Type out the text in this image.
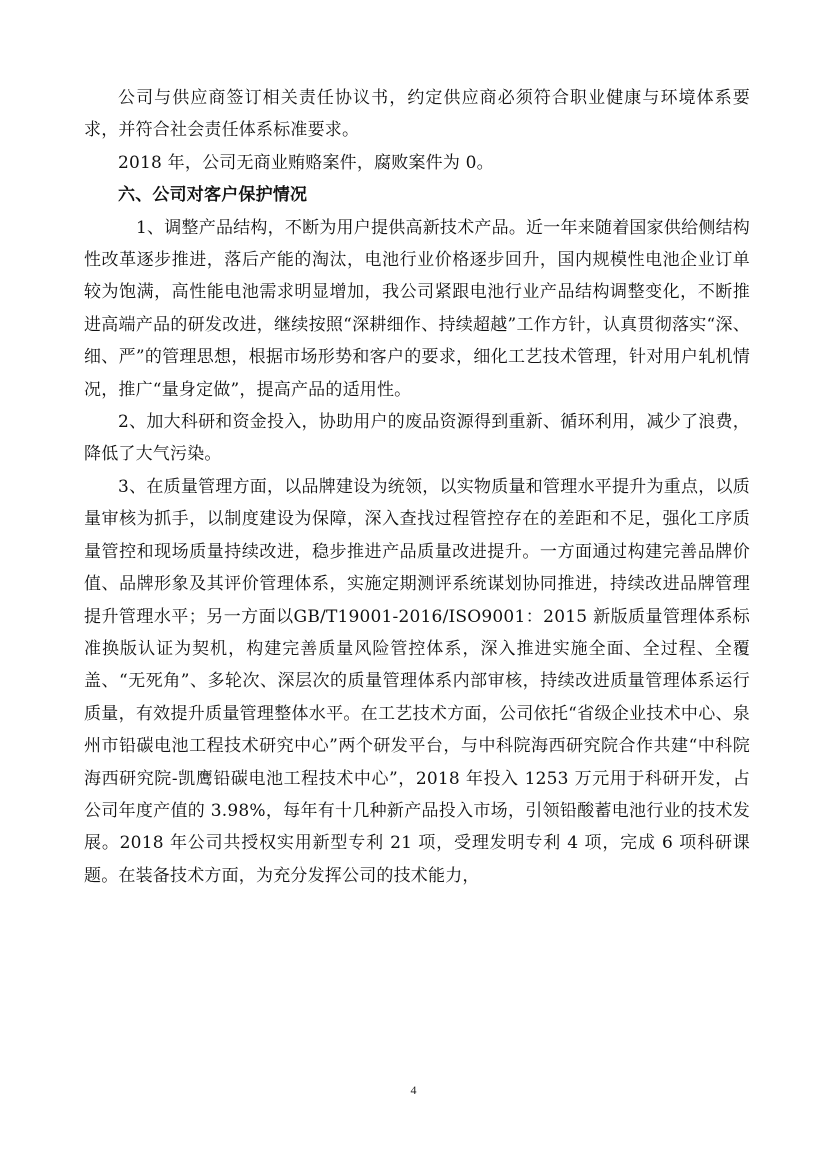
公司与供应商签订相关责任协议书，约定供应商必须符合职业健康与环境体系要求，并符合社会责任体系标准要求。

2018 年，公司无商业贿赂案件，腐败案件为 0。

六、公司对客户保护情况

1、调整产品结构，不断为用户提供高新技术产品。近一年来随着国家供给侧结构性改革逐步推进，落后产能的淘汰，电池行业价格逐步回升，国内规模性电池企业订单较为饱满，高性能电池需求明显增加，我公司紧跟电池行业产品结构调整变化，不断推进高端产品的研发改进，继续按照“深耕细作、持续超越”工作方针，认真贯彻落实“深、细、严”的管理思想，根据市场形势和客户的要求，细化工艺技术管理，针对用户轧机情况，推广“量身定做”，提高产品的适用性。

2、加大科研和资金投入，协助用户的废品资源得到重新、循环利用，减少了浪费，降低了大气污染。

3、在质量管理方面，以品牌建设为统领，以实物质量和管理水平提升为重点，以质量审核为抓手，以制度建设为保障，深入查找过程管控存在的差距和不足，强化工序质量管控和现场质量持续改进，稳步推进产品质量改进提升。一方面通过构建完善品牌价值、品牌形象及其评价管理体系，实施定期测评系统谋划协同推进，持续改进品牌管理提升管理水平；另一方面以GB/T19001-2016/ISO9001：2015 新版质量管理体系标准换版认证为契机，构建完善质量风险管控体系，深入推进实施全面、全过程、全覆盖、“无死角”、多轮次、深层次的质量管理体系内部审核，持续改进质量管理体系运行质量，有效提升质量管理整体水平。在工艺技术方面，公司依托“省级企业技术中心、泉州市铅碳电池工程技术研究中心”两个研发平台，与中科院海西研究院合作共建“中科院海西研究院-凯鹰铅碳电池工程技术中心”，2018 年投入 1253 万元用于科研开发，占公司年度产值的 3.98%，每年有十几种新产品投入市场，引领铅酸蓄电池行业的技术发展。2018 年公司共授权实用新型专利 21 项，受理发明专利 4 项，完成 6 项科研课题。在装备技术方面，为充分发挥公司的技术能力，

4
